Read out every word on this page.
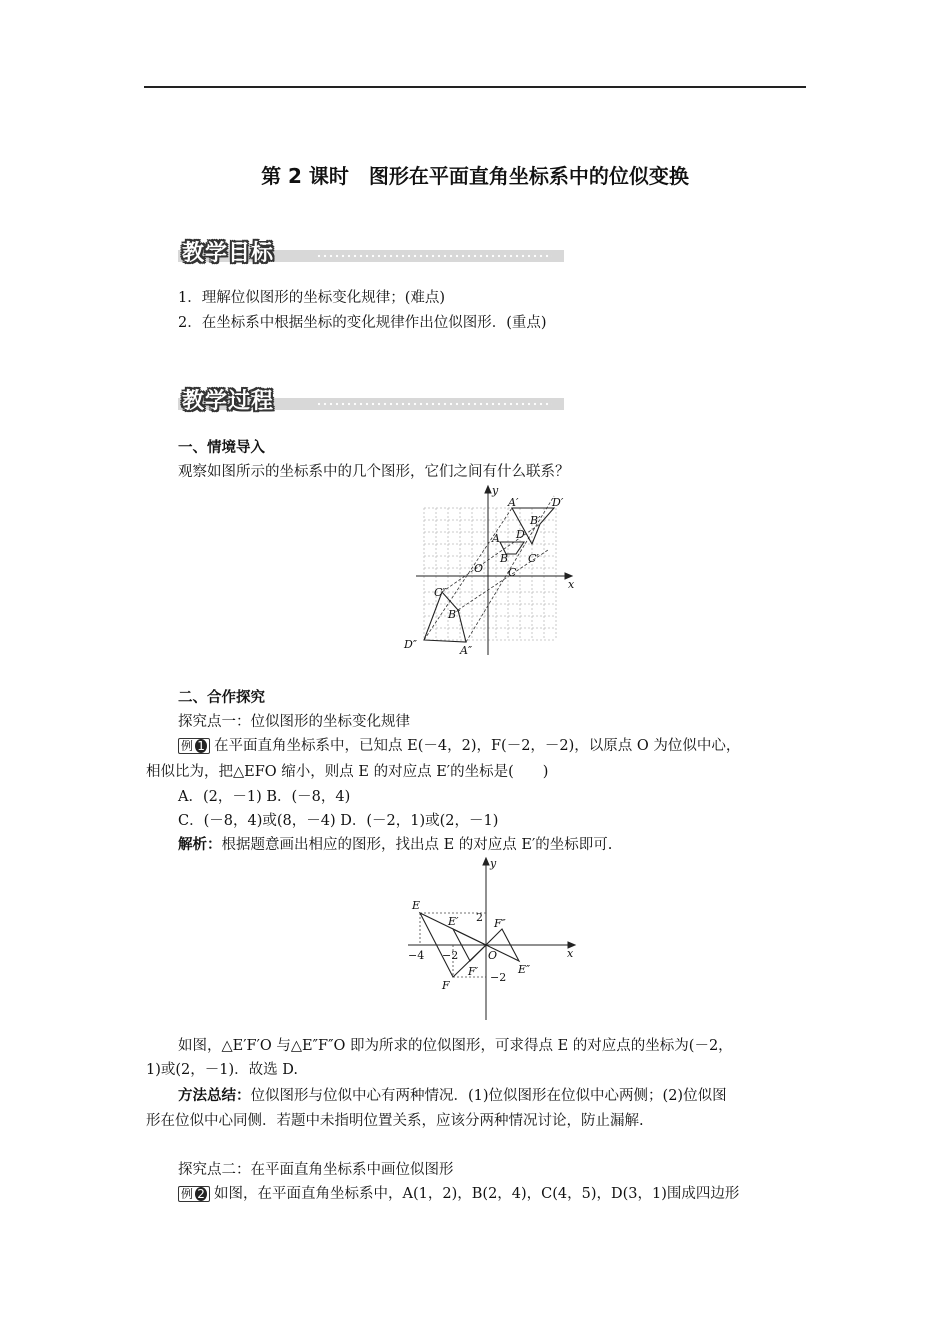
第 2 课时　图形在平面直角坐标系中的位似变换
教学目标
1．理解位似图形的坐标变化规律；(难点)
2．在坐标系中根据坐标的变化规律作出位似图形．(重点)
教学过程
一、情境导入
观察如图所示的坐标系中的几个图形，它们之间有什么联系？
y
x
O
A
B
C
D
A′
B′
C′
D′
A″
B″
C″
D″
二、合作探究
探究点一：位似图形的坐标变化规律
例 1 在平面直角坐标系中，已知点 E(－4，2)，F(－2，－2)，以原点 O 为位似中心，
相似比为，把△EFO 缩小，则点 E 的对应点 E′的坐标是(　　)
A．(2，－1) B．(－8，4)
C．(－8，4)或(8，－4) D．(－2，1)或(2，－1)
解析：根据题意画出相应的图形，找出点 E 的对应点 E′的坐标即可.
y
x
O
E
E′
E″
F
F′
F″
2
−2
−4 −2
如图，△E′F′O 与△E″F″O 即为所求的位似图形，可求得点 E 的对应点的坐标为(－2，
1)或(2，－1)．故选 D.
方法总结：位似图形与位似中心有两种情况．(1)位似图形在位似中心两侧；(2)位似图
形在位似中心同侧．若题中未指明位置关系，应该分两种情况讨论，防止漏解.
探究点二：在平面直角坐标系中画位似图形
例 2 如图，在平面直角坐标系中，A(1，2)，B(2，4)，C(4，5)，D(3，1)围成四边形
